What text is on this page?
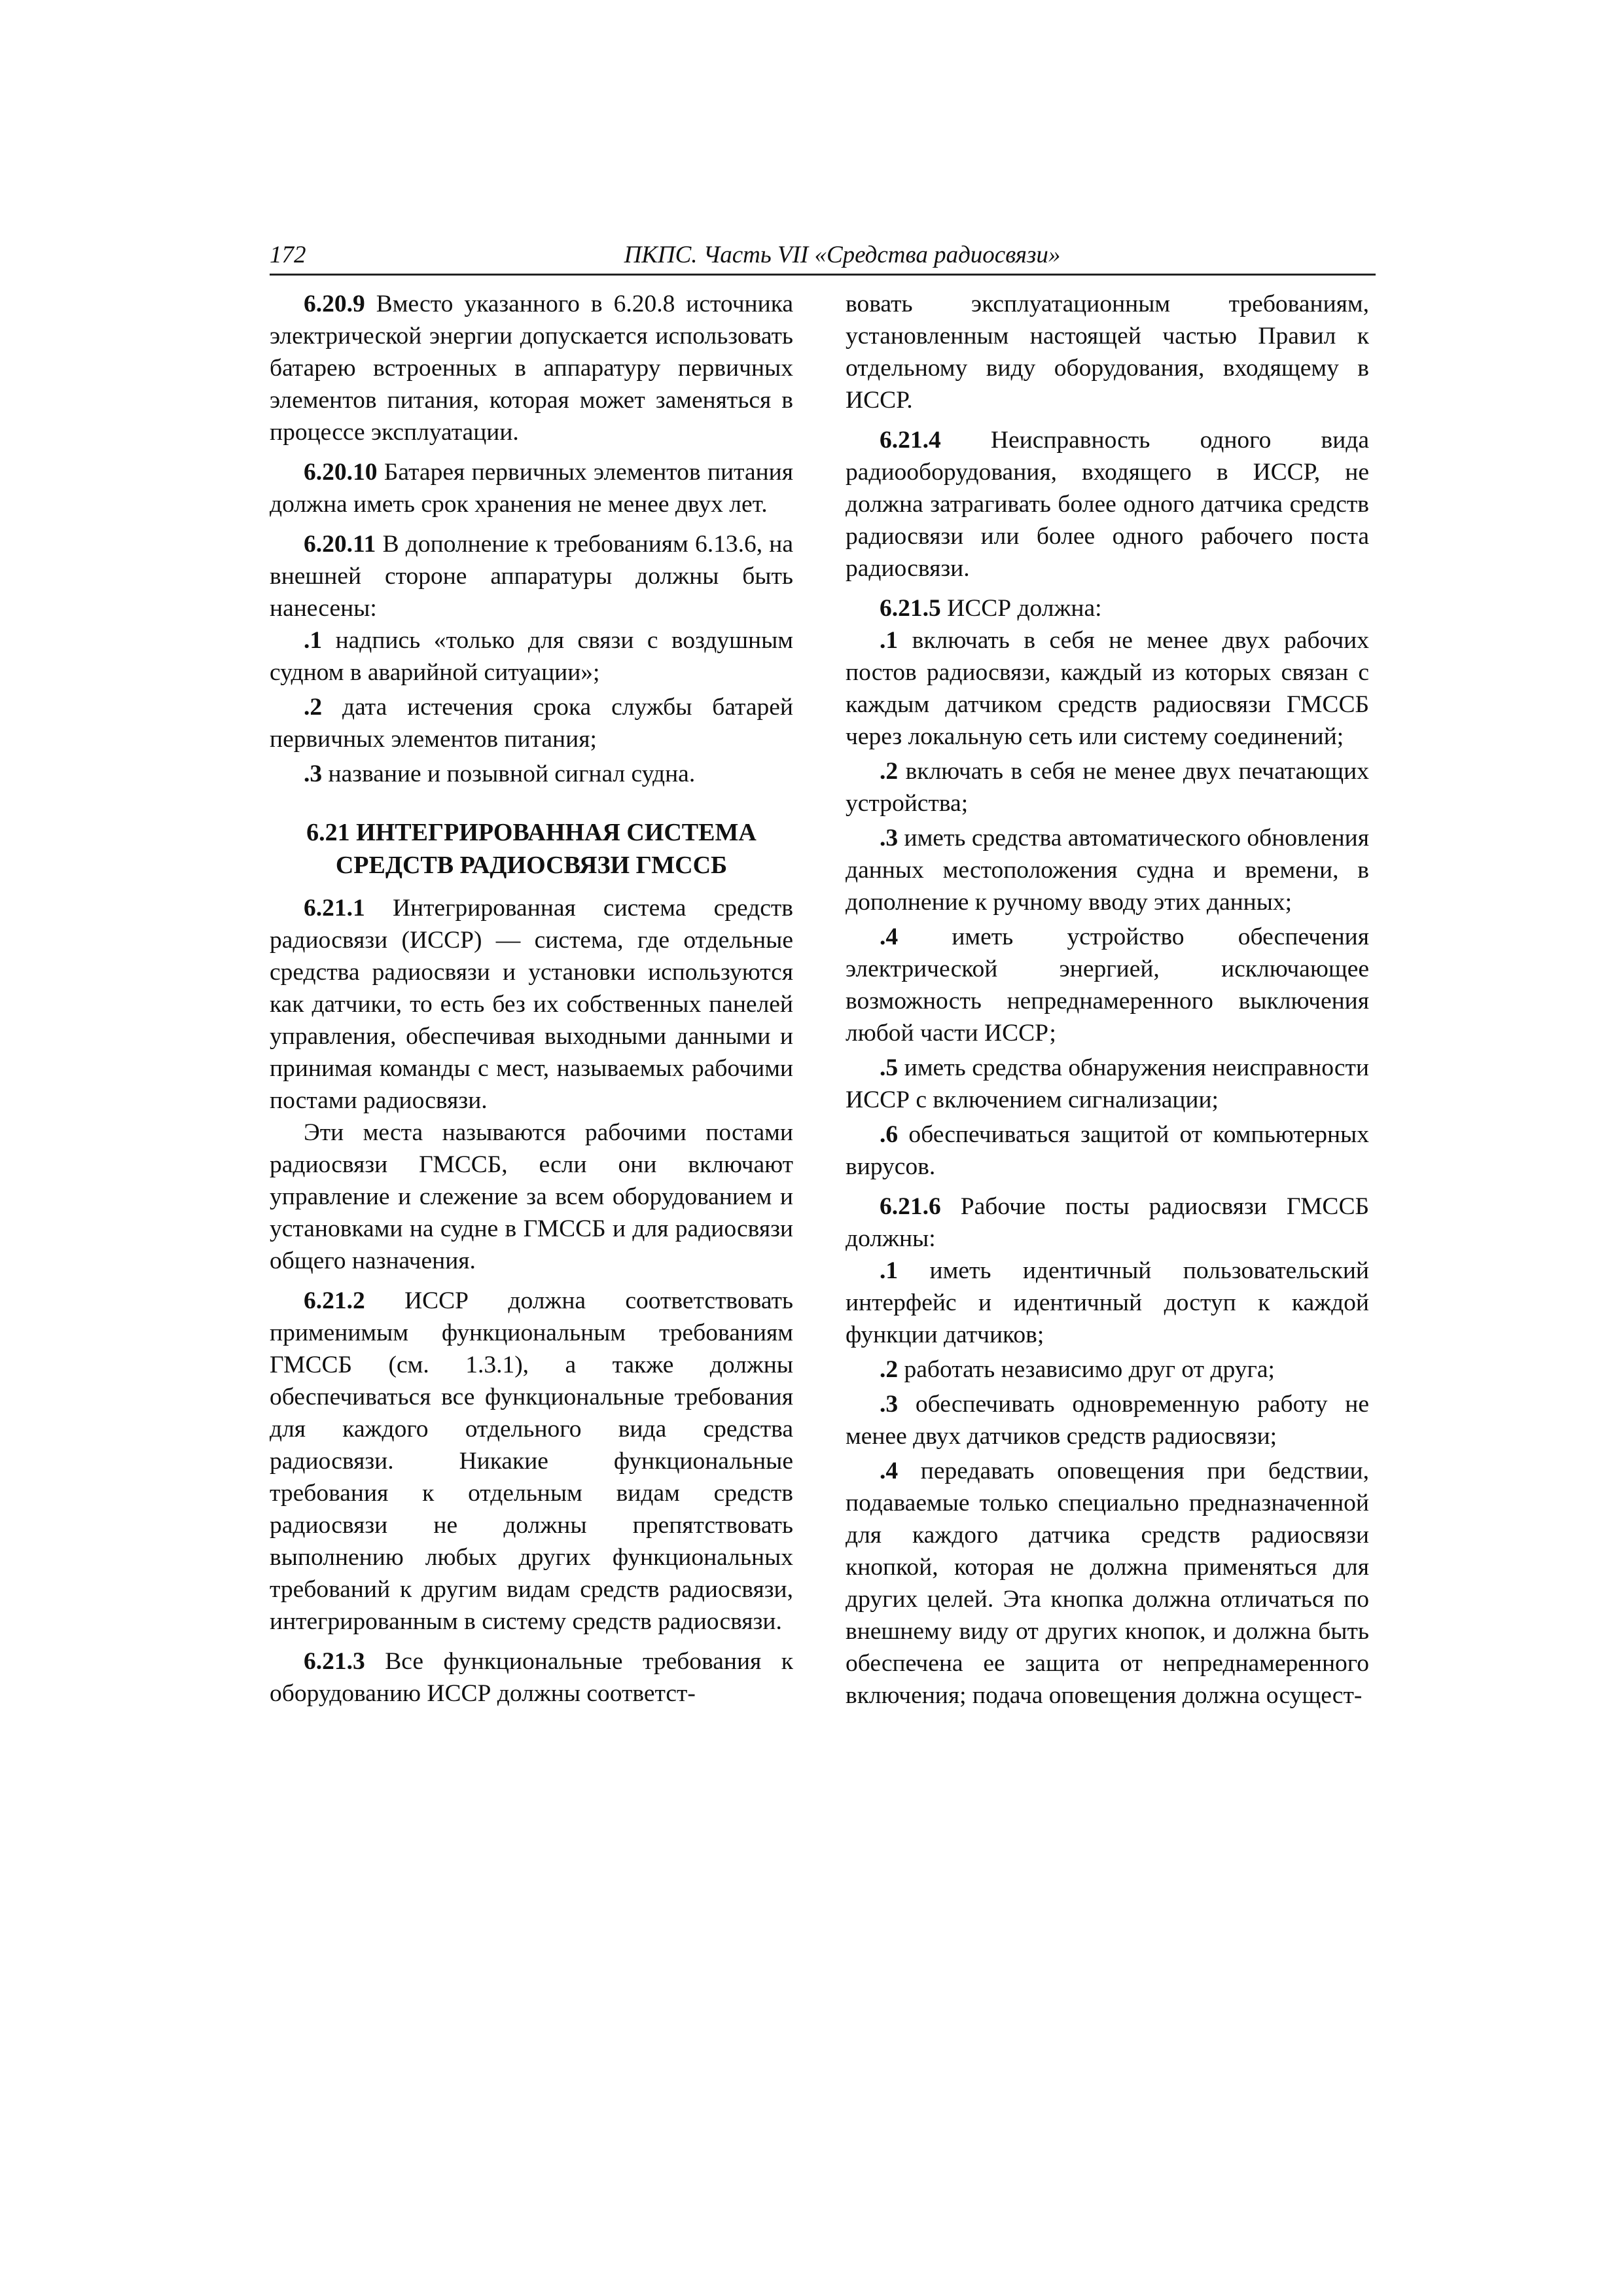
172	ПКПС. Часть VII «Средства радиосвязи»

6.20.9 Вместо указанного в 6.20.8 источника электрической энергии допускается использовать батарею встроенных в аппаратуру первичных элементов питания, которая может заменяться в процессе эксплуатации.

6.20.10 Батарея первичных элементов питания должна иметь срок хранения не менее двух лет.

6.20.11 В дополнение к требованиям 6.13.6, на внешней стороне аппаратуры должны быть нанесены:

.1 надпись «только для связи с воздушным судном в аварийной ситуации»;

.2 дата истечения срока службы батарей первичных элементов питания;

.3 название и позывной сигнал судна.

6.21 ИНТЕГРИРОВАННАЯ СИСТЕМА
СРЕДСТВ РАДИОСВЯЗИ ГМССБ

6.21.1 Интегрированная система средств радиосвязи (ИССР) — система, где отдельные средства радиосвязи и установки используются как датчики, то есть без их собственных панелей управления, обеспечивая выходными данными и принимая команды с мест, называемых рабочими постами радиосвязи.

Эти места называются рабочими постами радиосвязи ГМССБ, если они включают управление и слежение за всем оборудованием и установками на судне в ГМССБ и для радиосвязи общего назначения.

6.21.2 ИССР должна соответствовать применимым функциональным требованиям ГМССБ (см. 1.3.1), а также должны обеспечиваться все функциональные требования для каждого отдельного вида средства радиосвязи. Никакие функциональные требования к отдельным видам средств радиосвязи не должны препятствовать выполнению любых других функциональных требований к другим видам средств радиосвязи, интегрированным в систему средств радиосвязи.

6.21.3 Все функциональные требования к оборудованию ИССР должны соответст-

вовать эксплуатационным требованиям, установленным настоящей частью Правил к отдельному виду оборудования, входящему в ИССР.

6.21.4 Неисправность одного вида радиооборудования, входящего в ИССР, не должна затрагивать более одного датчика средств радиосвязи или более одного рабочего поста радиосвязи.

6.21.5 ИССР должна:

.1 включать в себя не менее двух рабочих постов радиосвязи, каждый из которых связан с каждым датчиком средств радиосвязи ГМССБ через локальную сеть или систему соединений;

.2 включать в себя не менее двух печатающих устройства;

.3 иметь средства автоматического обновления данных местоположения судна и времени, в дополнение к ручному вводу этих данных;

.4 иметь устройство обеспечения электрической энергией, исключающее возможность непреднамеренного выключения любой части ИССР;

.5 иметь средства обнаружения неисправности ИССР с включением сигнализации;

.6 обеспечиваться защитой от компьютерных вирусов.

6.21.6 Рабочие посты радиосвязи ГМССБ должны:

.1 иметь идентичный пользовательский интерфейс и идентичный доступ к каждой функции датчиков;

.2 работать независимо друг от друга;

.3 обеспечивать одновременную работу не менее двух датчиков средств радиосвязи;

.4 передавать оповещения при бедствии, подаваемые только специально предназначенной для каждого датчика средств радиосвязи кнопкой, которая не должна применяться для других целей. Эта кнопка должна отличаться по внешнему виду от других кнопок, и должна быть обеспечена ее защита от непреднамеренного включения; подача оповещения должна осущест-
